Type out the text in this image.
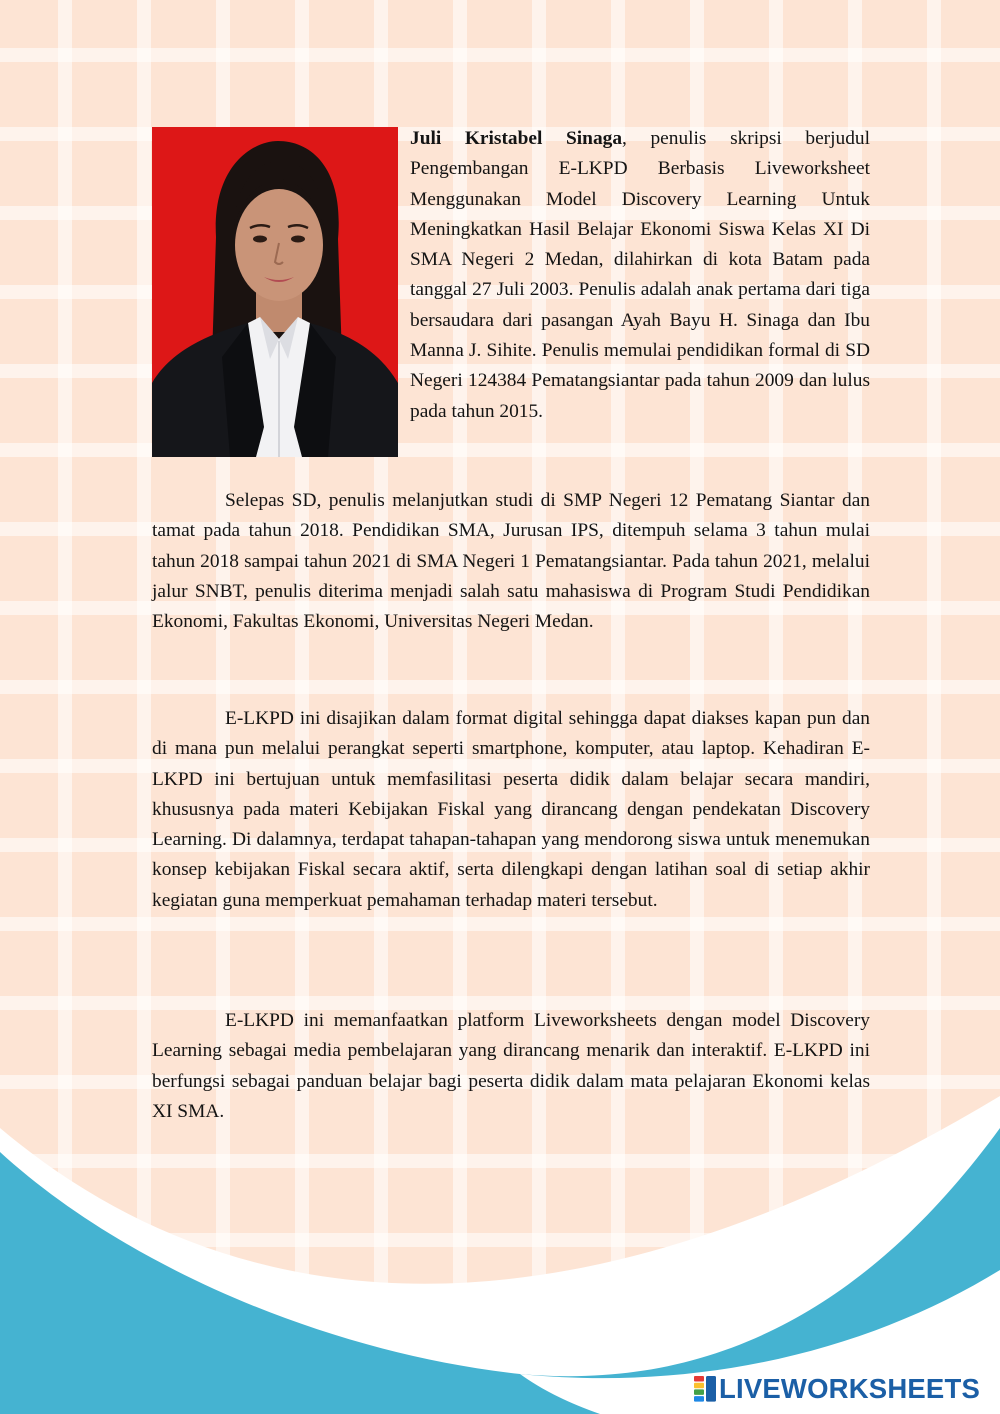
Juli Kristabel Sinaga, penulis skripsi berjudul Pengembangan E-LKPD Berbasis Liveworksheet Menggunakan Model Discovery Learning Untuk Meningkatkan Hasil Belajar Ekonomi Siswa Kelas XI Di SMA Negeri 2 Medan, dilahirkan di kota Batam pada tanggal 27 Juli 2003. Penulis adalah anak pertama dari tiga bersaudara dari pasangan Ayah Bayu H. Sinaga dan Ibu Manna J. Sihite. Penulis memulai pendidikan formal di SD Negeri 124384 Pematangsiantar pada tahun 2009 dan lulus pada tahun 2015.

Selepas SD, penulis melanjutkan studi di SMP Negeri 12 Pematang Siantar dan tamat pada tahun 2018. Pendidikan SMA, Jurusan IPS, ditempuh selama 3 tahun mulai tahun 2018 sampai tahun 2021 di SMA Negeri 1 Pematangsiantar. Pada tahun 2021, melalui jalur SNBT, penulis diterima menjadi salah satu mahasiswa di Program Studi Pendidikan Ekonomi, Fakultas Ekonomi, Universitas Negeri Medan.

E-LKPD ini disajikan dalam format digital sehingga dapat diakses kapan pun dan di mana pun melalui perangkat seperti smartphone, komputer, atau laptop. Kehadiran E-LKPD ini bertujuan untuk memfasilitasi peserta didik dalam belajar secara mandiri, khususnya pada materi Kebijakan Fiskal yang dirancang dengan pendekatan Discovery Learning. Di dalamnya, terdapat tahapan-tahapan yang mendorong siswa untuk menemukan konsep kebijakan Fiskal secara aktif, serta dilengkapi dengan latihan soal di setiap akhir kegiatan guna memperkuat pemahaman terhadap materi tersebut.

E-LKPD ini memanfaatkan platform Liveworksheets dengan model Discovery Learning sebagai media pembelajaran yang dirancang menarik dan interaktif. E-LKPD ini berfungsi sebagai panduan belajar bagi peserta didik dalam mata pelajaran Ekonomi kelas XI SMA.

LIVEWORKSHEETS
